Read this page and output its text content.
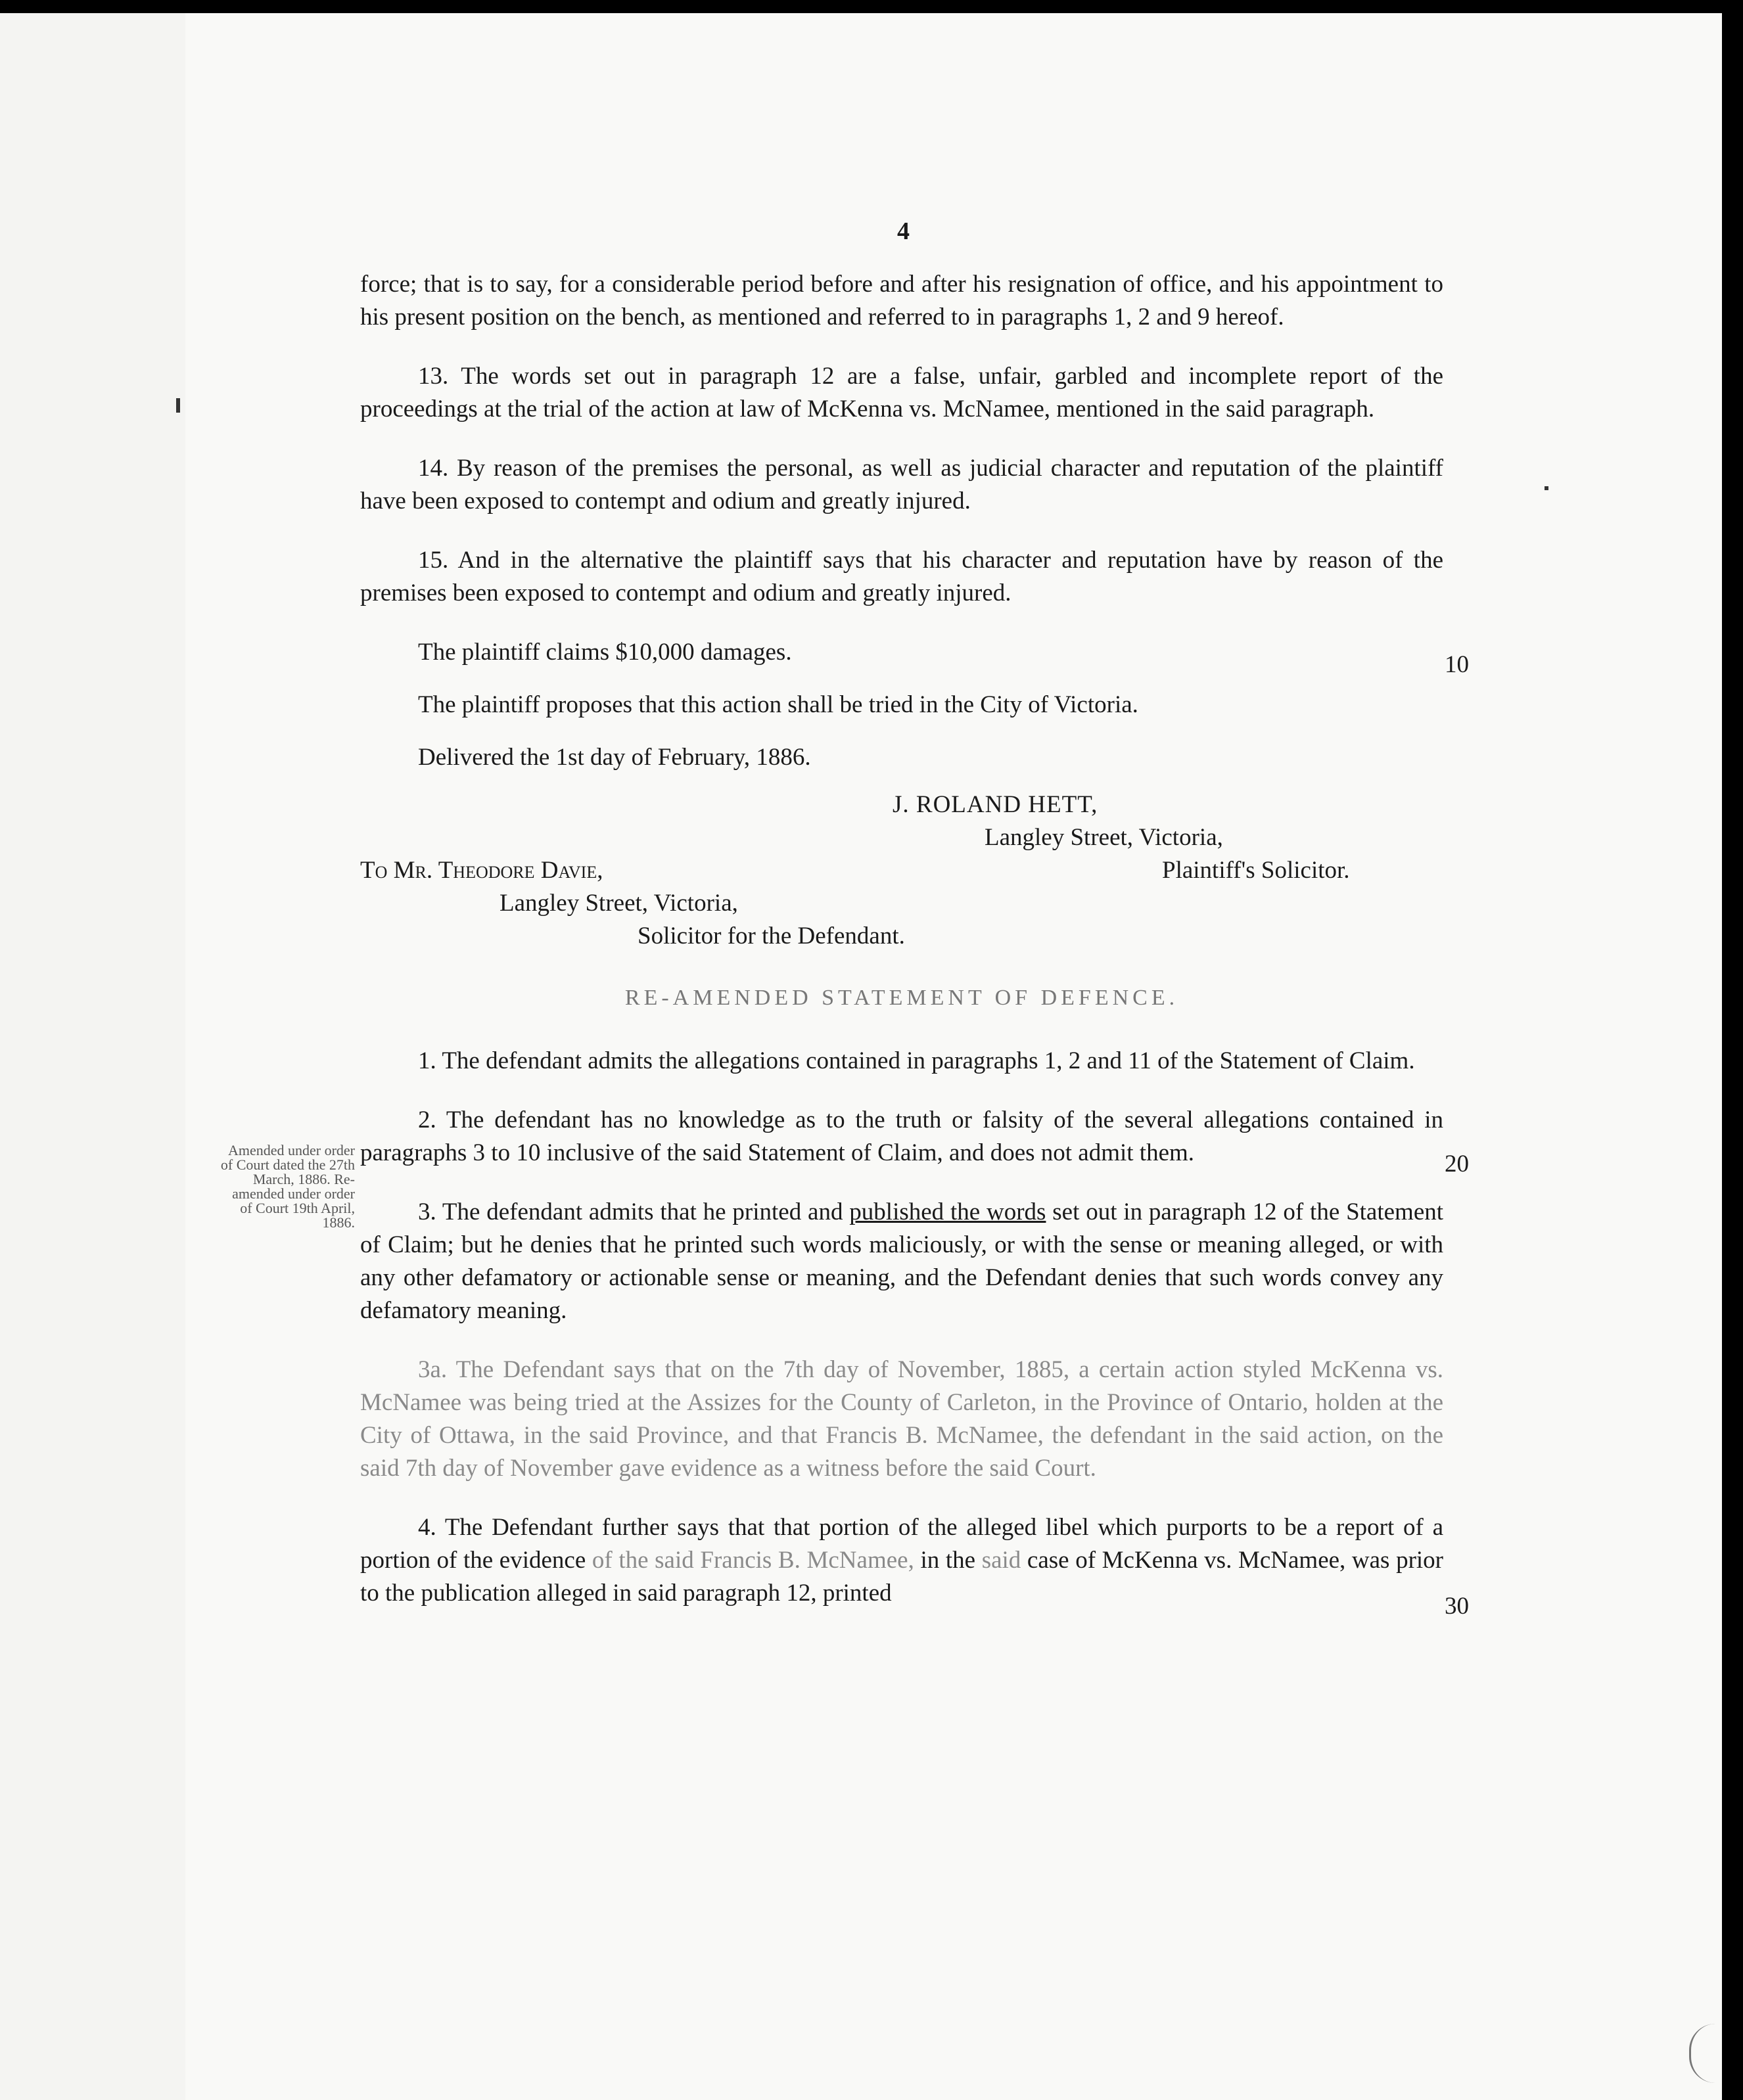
4
Amended under order of Court dated the 27th March, 1886. Re-amended under order of Court 19th April, 1886.
10
20
30

force; that is to say, for a considerable period before and after his resignation of office, and his appointment to his present position on the bench, as mentioned and referred to in paragraphs 1, 2 and 9 hereof.

13. The words set out in paragraph 12 are a false, unfair, garbled and incomplete report of the proceedings at the trial of the action at law of McKenna vs. McNamee, mentioned in the said paragraph.

14. By reason of the premises the personal, as well as judicial character and reputation of the plaintiff have been exposed to contempt and odium and greatly injured.

15. And in the alternative the plaintiff says that his character and reputation have by reason of the premises been exposed to contempt and odium and greatly injured.

The plaintiff claims $10,000 damages.

The plaintiff proposes that this action shall be tried in the City of Victoria.

Delivered the 1st day of February, 1886.

J. ROLAND HETT,
Langley Street, Victoria,
To Mr. Theodore Davie,	Plaintiff's Solicitor.
Langley Street, Victoria,
Solicitor for the Defendant.
RE-AMENDED STATEMENT OF DEFENCE.

1. The defendant admits the allegations contained in paragraphs 1, 2 and 11 of the Statement of Claim.

2. The defendant has no knowledge as to the truth or falsity of the several allegations contained in paragraphs 3 to 10 inclusive of the said Statement of Claim, and does not admit them.

3. The defendant admits that he printed and published the words set out in paragraph 12 of the Statement of Claim; but he denies that he printed such words maliciously, or with the sense or meaning alleged, or with any other defamatory or actionable sense or meaning, and the Defendant denies that such words convey any defamatory meaning.

3a. The Defendant says that on the 7th day of November, 1885, a certain action styled McKenna vs. McNamee was being tried at the Assizes for the County of Carleton, in the Province of Ontario, holden at the City of Ottawa, in the said Province, and that Francis B. McNamee, the defendant in the said action, on the said 7th day of November gave evidence as a witness before the said Court.

4. The Defendant further says that that portion of the alleged libel which purports to be a report of a portion of the evidence of the said Francis B. McNamee, in the said case of McKenna vs. McNamee, was prior to the publication alleged in said paragraph 12, printed
